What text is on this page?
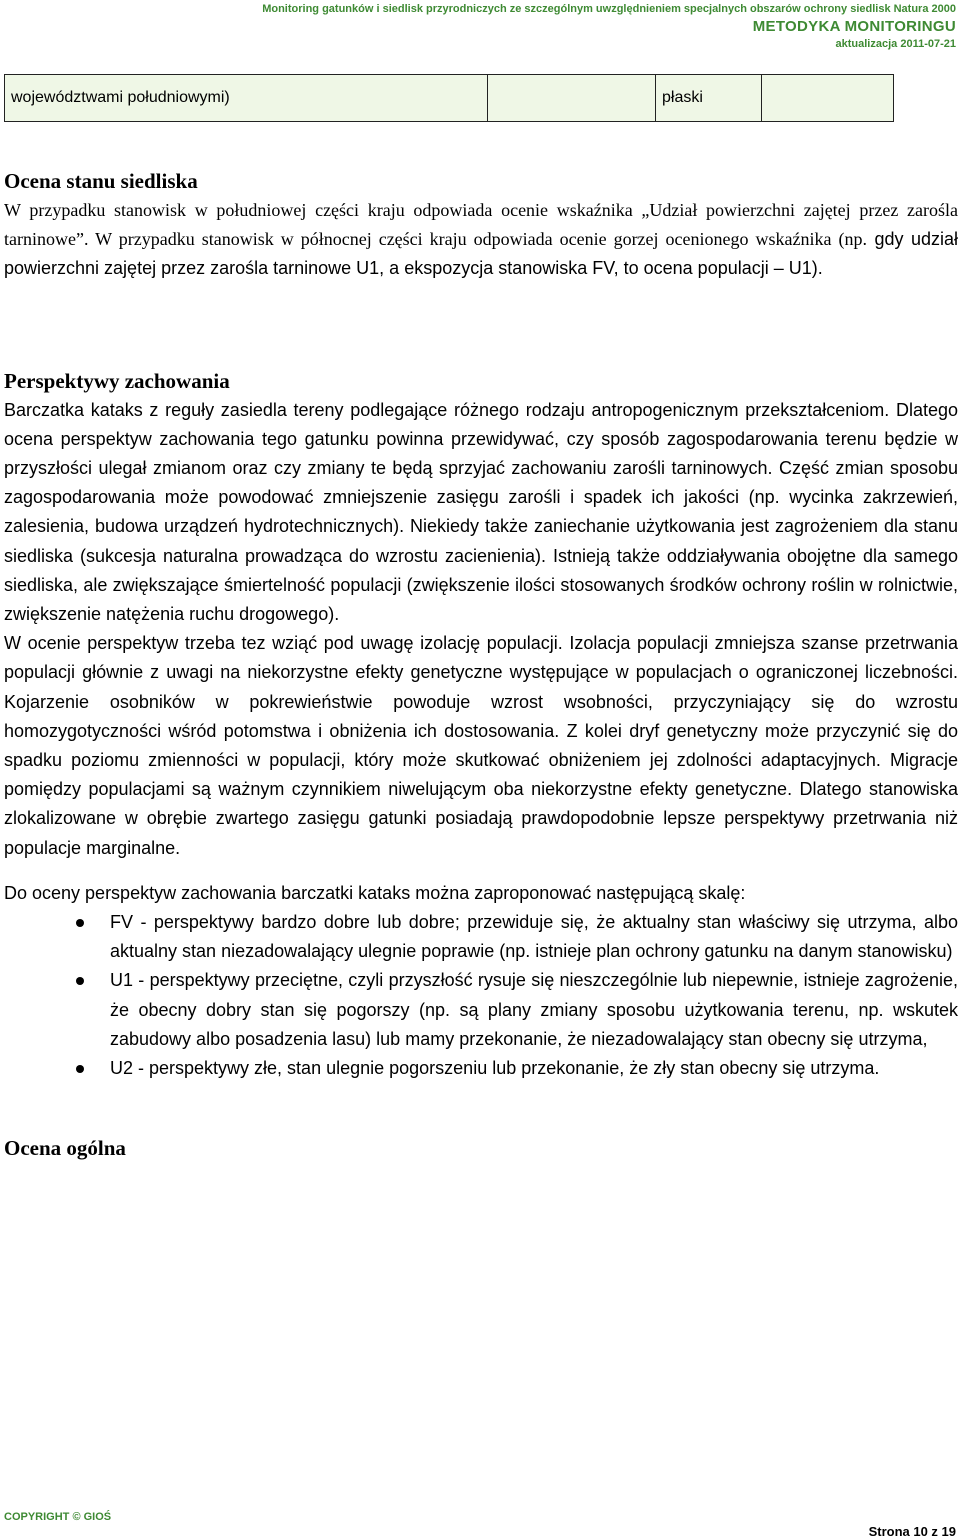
Monitoring gatunków i siedlisk przyrodniczych ze szczególnym uwzględnieniem specjalnych obszarów ochrony siedlisk Natura 2000
METODYKA MONITORINGU
aktualizacja 2011-07-21
województwami południowymi)		płaski	
Ocena stanu siedliska

W przypadku stanowisk w południowej części kraju odpowiada ocenie wskaźnika „Udział powierzchni zajętej przez zarośla tarninowe”. W przypadku stanowisk w północnej części kraju odpowiada ocenie gorzej ocenionego wskaźnika (np. gdy udział powierzchni zajętej przez zarośla tarninowe U1, a ekspozycja stanowiska FV, to ocena populacji – U1).

Perspektywy zachowania

Barczatka kataks z reguły zasiedla tereny podlegające różnego rodzaju antropogenicznym przekształceniom. Dlatego ocena perspektyw zachowania tego gatunku powinna przewidywać, czy sposób zagospodarowania terenu będzie w przyszłości ulegał zmianom oraz czy zmiany te będą sprzyjać zachowaniu zarośli tarninowych. Część zmian sposobu zagospodarowania może powodować zmniejszenie zasięgu zarośli i spadek ich jakości (np. wycinka zakrzewień, zalesienia, budowa urządzeń hydrotechnicznych). Niekiedy także zaniechanie użytkowania jest zagrożeniem dla stanu siedliska (sukcesja naturalna prowadząca do wzrostu zacienienia). Istnieją także oddziaływania obojętne dla samego siedliska, ale zwiększające śmiertelność populacji (zwiększenie ilości stosowanych środków ochrony roślin w rolnictwie, zwiększenie natężenia ruchu drogowego).

W ocenie perspektyw trzeba tez wziąć pod uwagę izolację populacji. Izolacja populacji zmniejsza szanse przetrwania populacji głównie z uwagi na niekorzystne efekty genetyczne występujące w populacjach o ograniczonej liczebności. Kojarzenie osobników w pokrewieństwie powoduje wzrost wsobności, przyczyniający się do wzrostu homozygotyczności wśród potomstwa i obniżenia ich dostosowania. Z kolei dryf genetyczny może przyczynić się do spadku poziomu zmienności w populacji, który może skutkować obniżeniem jej zdolności adaptacyjnych. Migracje pomiędzy populacjami są ważnym czynnikiem niwelującym oba niekorzystne efekty genetyczne. Dlatego stanowiska zlokalizowane w obrębie zwartego zasięgu gatunki posiadają prawdopodobnie lepsze perspektywy przetrwania niż populacje marginalne.

Do oceny perspektyw zachowania barczatki kataks można zaproponować następującą skalę:

FV - perspektywy bardzo dobre lub dobre; przewiduje się, że aktualny stan właściwy się utrzyma, albo aktualny stan niezadowalający ulegnie poprawie (np. istnieje plan ochrony gatunku na danym stanowisku)
U1 - perspektywy przeciętne, czyli przyszłość rysuje się nieszczególnie lub niepewnie, istnieje zagrożenie, że obecny dobry stan się pogorszy (np. są plany zmiany sposobu użytkowania terenu, np. wskutek zabudowy albo posadzenia lasu) lub mamy przekonanie, że niezadowalający stan obecny się utrzyma,
U2 - perspektywy złe, stan ulegnie pogorszeniu lub przekonanie, że zły stan obecny się utrzyma.
Ocena ogólna
COPYRIGHT © GIOŚ
Strona 10 z 19
